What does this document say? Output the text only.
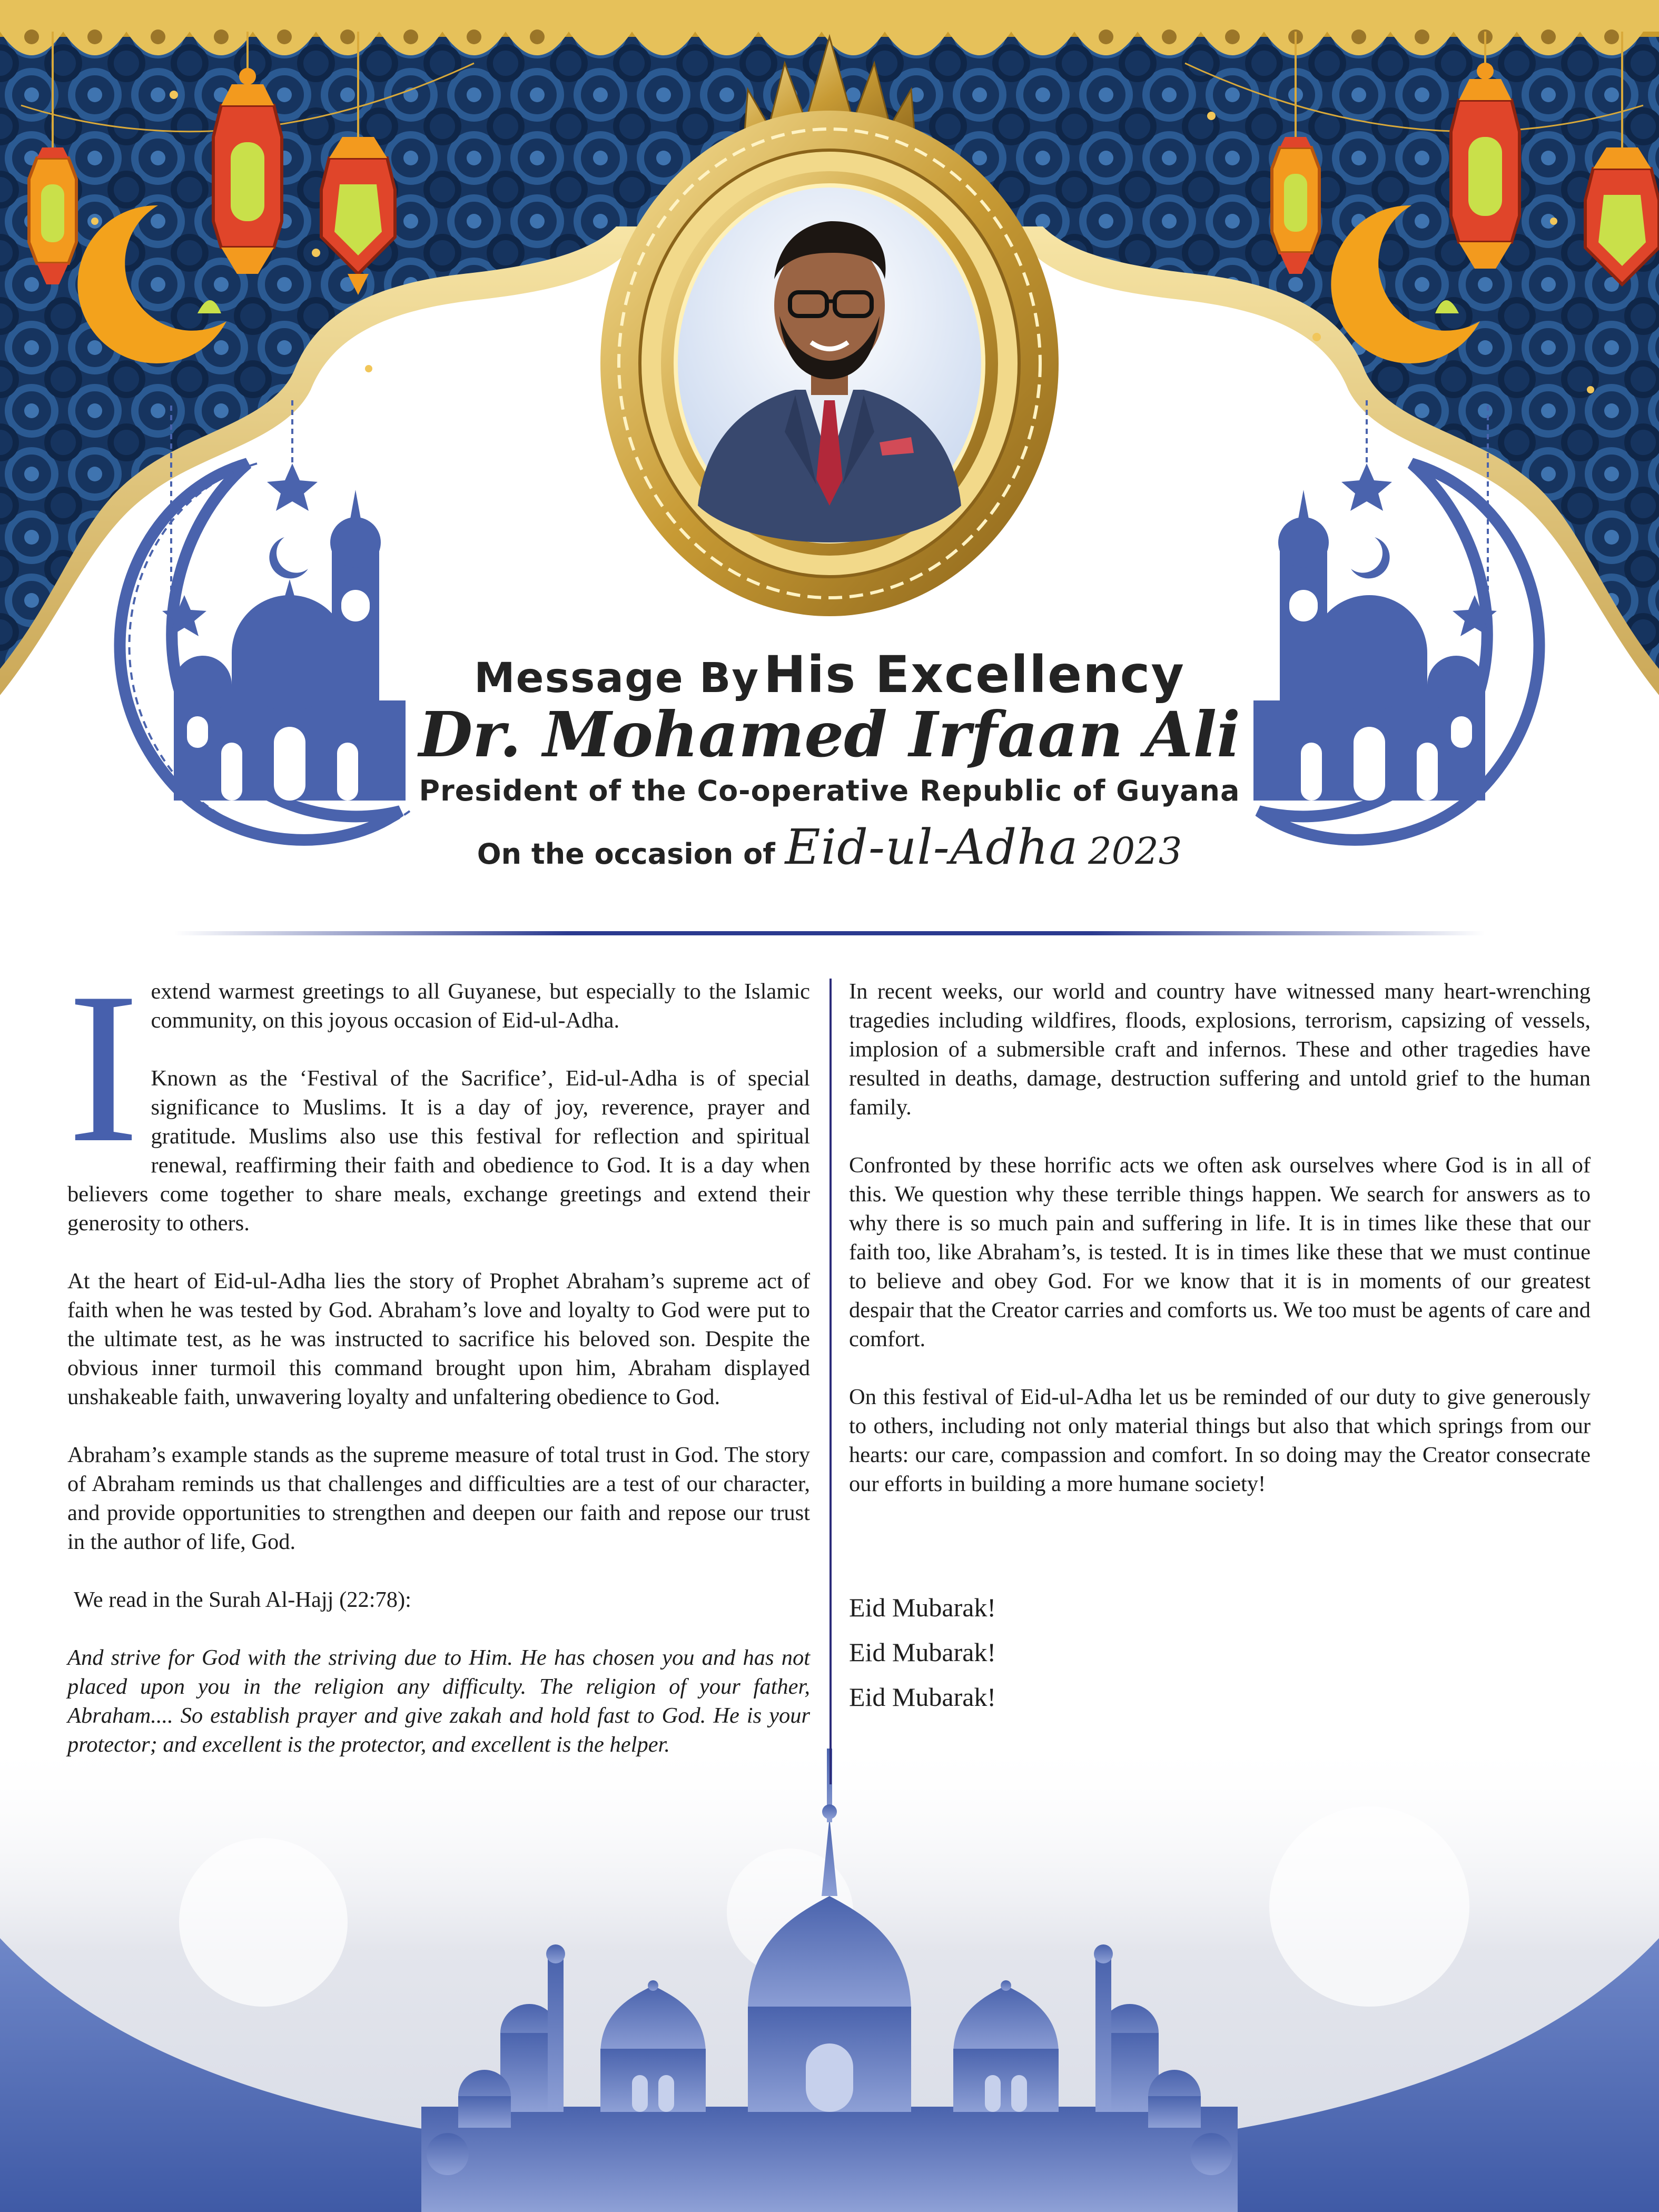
Message By His Excellency
Dr. Mohamed Irfaan Ali
President of the Co-operative Republic of Guyana
On the occasion of Eid-ul-Adha 2023

Iextend warmest greetings to all Guyanese, but especially to the Islamic community, on this joyous occasion of Eid-ul-Adha.

Known as the ‘Festival of the Sacrifice’, Eid-ul-Adha is of special significance to Muslims. It is a day of joy, reverence, prayer and gratitude. Muslims also use this festival for reflection and spiritual renewal, reaffirming their faith and obedience to God. It is a day when believers come together to share meals, exchange greetings and extend their generosity to others.

At the heart of Eid-ul-Adha lies the story of Prophet Abraham’s supreme act of faith when he was tested by God. Abraham’s love and loyalty to God were put to the ultimate test, as he was instructed to sacrifice his beloved son. Despite the obvious inner turmoil this command brought upon him, Abraham displayed unshakeable faith, unwavering loyalty and unfaltering obedience to God.

Abraham’s example stands as the supreme measure of total trust in God. The story of Abraham reminds us that challenges and difficulties are a test of our character, and provide opportunities to strengthen and deepen our faith and repose our trust in the author of life, God.

We read in the Surah Al-Hajj (22:78):

And strive for God with the striving due to Him. He has chosen you and has not placed upon you in the religion any difficulty. The religion of your father, Abraham.... So establish prayer and give zakah and hold fast to God. He is your protector; and excellent is the protector, and excellent is the helper.

In recent weeks, our world and country have witnessed many heart-wrenching tragedies including wildfires, floods, explosions, terrorism, capsizing of vessels, implosion of a submersible craft and infernos. These and other tragedies have resulted in deaths, damage, destruction suffering and untold grief to the human family.

Confronted by these horrific acts we often ask ourselves where God is in all of this. We question why these terrible things happen. We search for answers as to why there is so much pain and suffering in life. It is in times like these that our faith too, like Abraham’s, is tested. It is in times like these that we must continue to believe and obey God. For we know that it is in moments of our greatest despair that the Creator carries and comforts us. We too must be agents of care and comfort.

On this festival of Eid-ul-Adha let us be reminded of our duty to give generously to others, including not only material things but also that which springs from our hearts: our care, compassion and comfort. In so doing may the Creator consecrate our efforts in building a more humane society!

Eid Mubarak!
Eid Mubarak!
Eid Mubarak!
